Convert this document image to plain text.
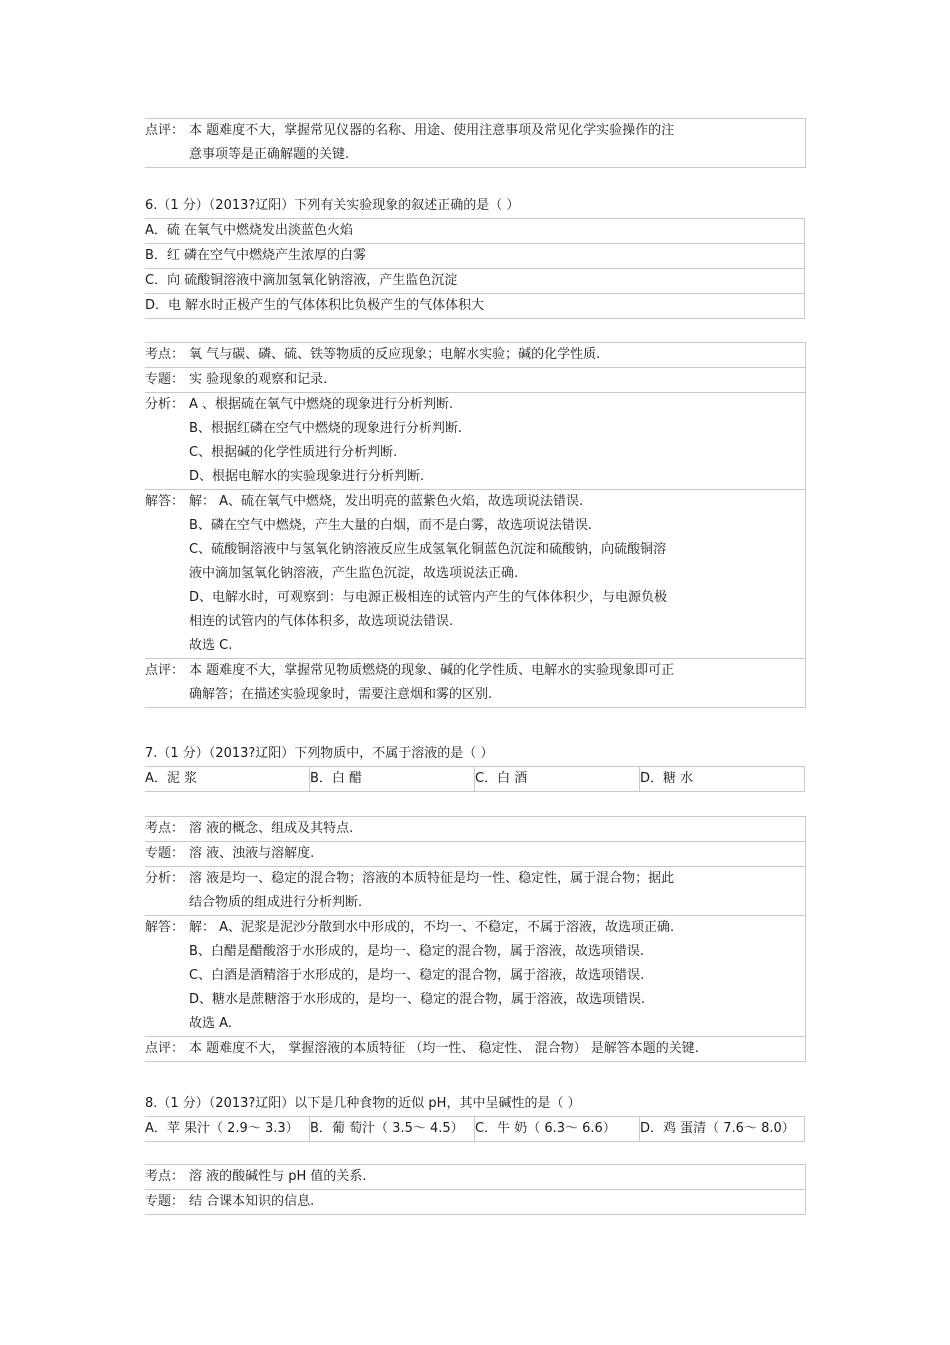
点评： 本 题难度不大，掌握常见仪器的名称、用途、使用注意事项及常见化学实验操作的注
意事项等是正确解题的关键.
6.（1 分）（2013?辽阳）下列有关实验现象的叙述正确的是（ ）
A．硫 在氧气中燃烧发出淡蓝色火焰
B．红 磷在空气中燃烧产生浓厚的白雾
C．向 硫酸铜溶液中滴加氢氧化钠溶液，产生监色沉淀
D．电 解水时正极产生的气体体积比负极产生的气体体积大
考点： 氧 气与碳、磷、硫、铁等物质的反应现象；电解水实验；碱的化学性质.
专题： 实 验现象的观察和记录.
分析： A 、根据硫在氧气中燃烧的现象进行分析判断.
B、根据红磷在空气中燃烧的现象进行分析判断.
C、根据碱的化学性质进行分析判断.
D、根据电解水的实验现象进行分析判断.
解答： 解： A、硫在氧气中燃烧，发出明亮的蓝紫色火焰，故选项说法错误.
B、磷在空气中燃烧，产生大量的白烟，而不是白雾，故选项说法错误.
C、硫酸铜溶液中与氢氧化钠溶液反应生成氢氧化铜蓝色沉淀和硫酸钠，向硫酸铜溶
液中滴加氢氧化钠溶液，产生监色沉淀，故选项说法正确.
D、电解水时，可观察到：与电源正极相连的试管内产生的气体体积少，与电源负极
相连的试管内的气体体积多，故选项说法错误.
故选 C.
点评： 本 题难度不大，掌握常见物质燃烧的现象、碱的化学性质、电解水的实验现象即可正
确解答；在描述实验现象时，需要注意烟和雾的区别.
7.（1 分）（2013?辽阳）下列物质中，不属于溶液的是（ ）
A．泥 浆	B．白 醋	C．白 酒	D．糖 水
考点： 溶 液的概念、组成及其特点.
专题： 溶 液、浊液与溶解度.
分析： 溶 液是均一、稳定的混合物；溶液的本质特征是均一性、稳定性，属于混合物；据此
结合物质的组成进行分析判断.
解答： 解： A、泥浆是泥沙分散到水中形成的，不均一、不稳定，不属于溶液，故选项正确.
B、白醋是醋酸溶于水形成的，是均一、稳定的混合物，属于溶液，故选项错误.
C、白酒是酒精溶于水形成的，是均一、稳定的混合物，属于溶液，故选项错误.
D、糖水是蔗糖溶于水形成的，是均一、稳定的混合物，属于溶液，故选项错误.
故选 A.
点评： 本 题难度不大， 掌握溶液的本质特征 （均一性、 稳定性、 混合物） 是解答本题的关键.
8.（1 分）（2013?辽阳）以下是几种食物的近似 pH，其中呈碱性的是（ ）
A．苹 果汁（ 2.9～ 3.3） B．葡 萄汁（ 3.5～ 4.5） C．牛 奶（ 6.3～ 6.6）	D．鸡 蛋清（ 7.6～ 8.0）
考点： 溶 液的酸碱性与 pH 值的关系.
专题： 结 合课本知识的信息.
